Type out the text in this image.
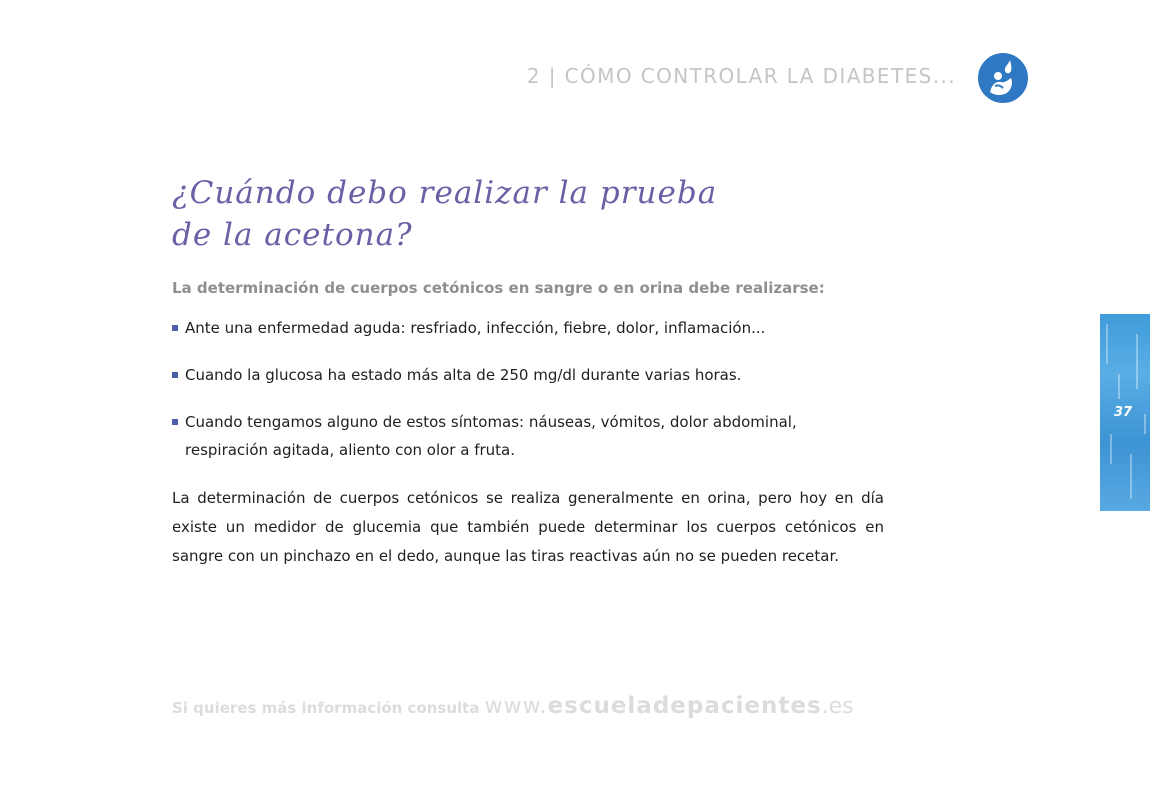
2 | CÓMO CONTROLAR LA DIABETES...
¿Cuándo debo realizar la prueba
de la acetona?
La determinación de cuerpos cetónicos en sangre o en orina debe realizarse:
Ante una enfermedad aguda: resfriado, infección, fiebre, dolor, inflamación...
Cuando la glucosa ha estado más alta de 250 mg/dl durante varias horas.
Cuando tengamos alguno de estos síntomas: náuseas, vómitos, dolor abdominal, respiración agitada, aliento con olor a fruta.

La determinación de cuerpos cetónicos se realiza generalmente en orina, pero hoy en día existe un medidor de glucemia que también puede determinar los cuerpos cetónicos en sangre con un pinchazo en el dedo, aunque las tiras reactivas aún no se pueden recetar.

37
Si quieres más información consulta www.escueladepacientes.es
